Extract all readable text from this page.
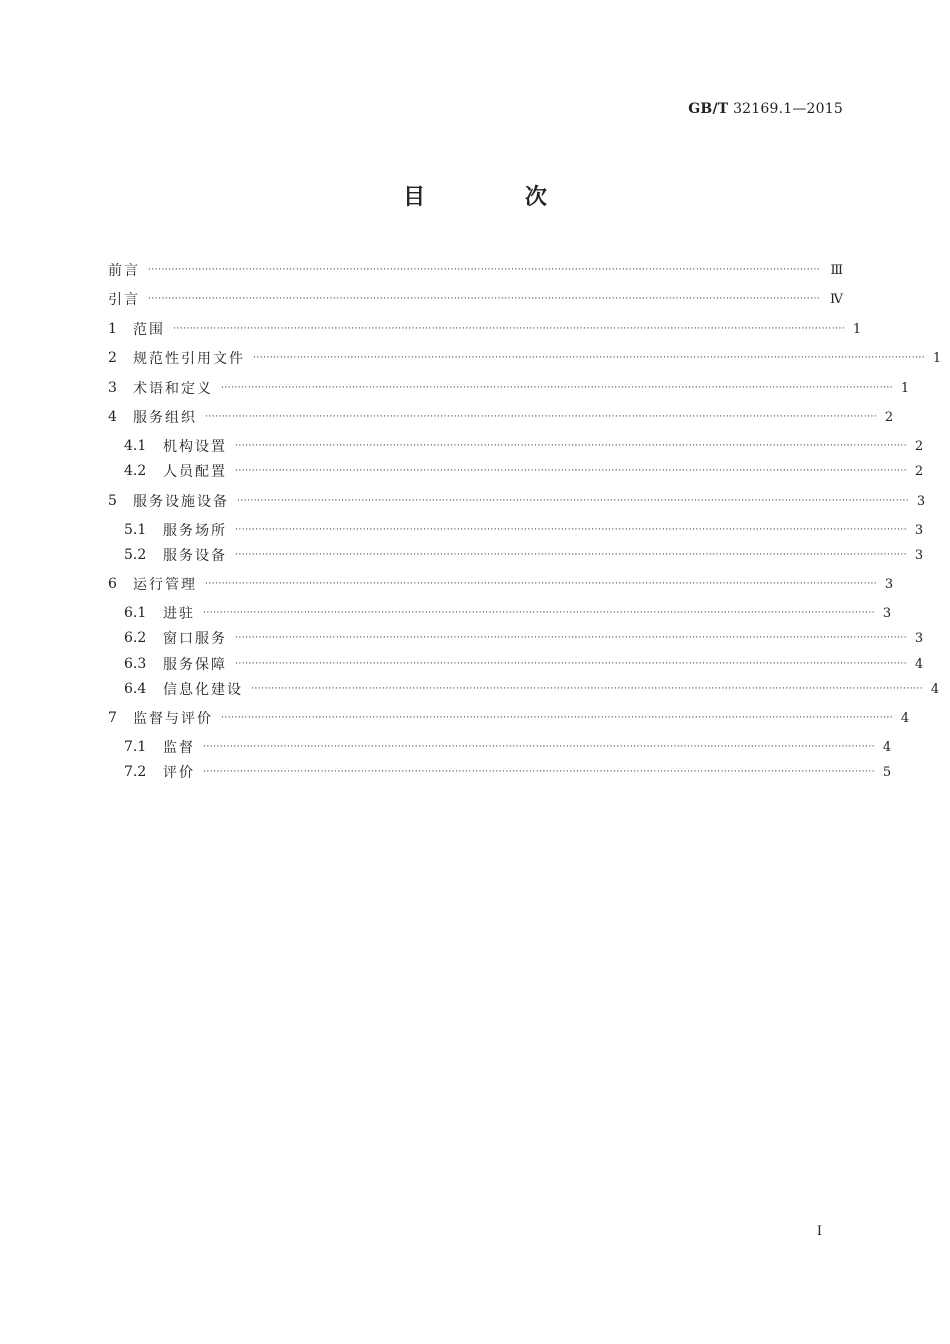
GB/T 32169.1—2015
目 次
前言 ········································································································································································································ Ⅲ
引言 ········································································································································································································ Ⅳ
1	范围 ········································································································································································································ 1
2	规范性引用文件 ········································································································································································································ 1
3	术语和定义 ········································································································································································································ 1
4	服务组织 ········································································································································································································ 2
4.1	机构设置 ········································································································································································································ 2
4.2	人员配置 ········································································································································································································ 2
5	服务设施设备 ········································································································································································································ 3
5.1	服务场所 ········································································································································································································ 3
5.2	服务设备 ········································································································································································································ 3
6	运行管理 ········································································································································································································ 3
6.1	进驻 ········································································································································································································ 3
6.2	窗口服务 ········································································································································································································ 3
6.3	服务保障 ········································································································································································································ 4
6.4	信息化建设 ········································································································································································································ 4
7	监督与评价 ········································································································································································································ 4
7.1	监督 ········································································································································································································ 4
7.2	评价 ········································································································································································································ 5
I
